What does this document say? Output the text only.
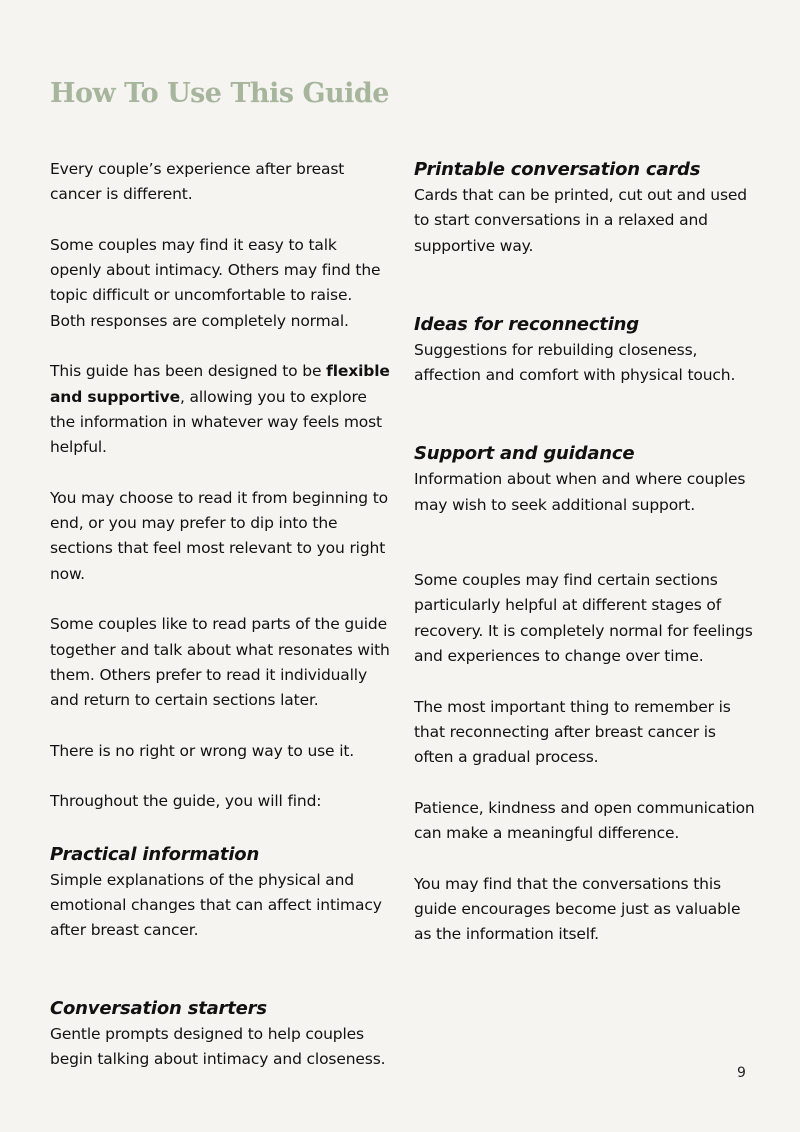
How To Use This Guide

Every couple’s experience after breast cancer is different.

Some couples may find it easy to talk openly about intimacy. Others may find the topic difficult or uncomfortable to raise. Both responses are completely normal.

This guide has been designed to be flexible and supportive, allowing you to explore the information in whatever way feels most helpful.

You may choose to read it from beginning to end, or you may prefer to dip into the sections that feel most relevant to you right now.

Some couples like to read parts of the guide together and talk about what resonates with them. Others prefer to read it individually and return to certain sections later.

There is no right or wrong way to use it.

Throughout the guide, you will find:

Practical information

Simple explanations of the physical and emotional changes that can affect intimacy after breast cancer.

Conversation starters

Gentle prompts designed to help couples begin talking about intimacy and closeness.

Printable conversation cards

Cards that can be printed, cut out and used to start conversations in a relaxed and supportive way.

Ideas for reconnecting

Suggestions for rebuilding closeness, affection and comfort with physical touch.

Support and guidance

Information about when and where couples may wish to seek additional support.

Some couples may find certain sections particularly helpful at different stages of recovery. It is completely normal for feelings and experiences to change over time.

The most important thing to remember is that reconnecting after breast cancer is often a gradual process.

Patience, kindness and open communication can make a meaningful difference.

You may find that the conversations this guide encourages become just as valuable as the information itself.

9
